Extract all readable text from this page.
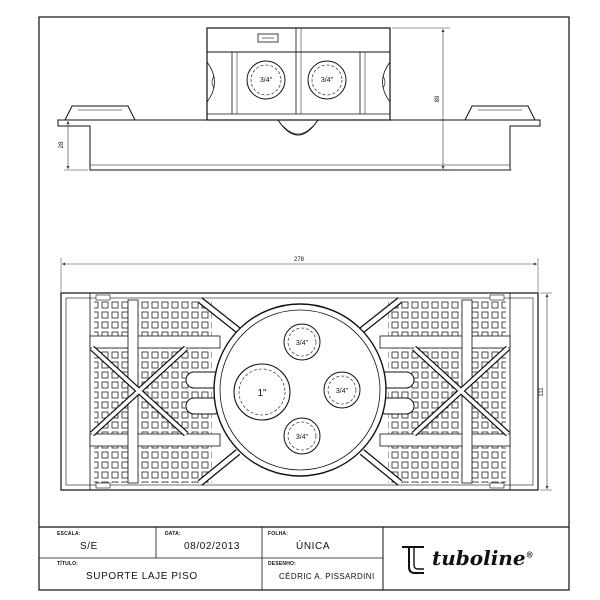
3/4"	3/4"
89
28
278
111
3/4"
3/4"
3/4"
1"
ESCALA:
S/E
DATA:
08/02/2013
FOLHA:
ÚNICA
TÍTULO:
SUPORTE LAJE PISO
DESENHO:
CÉDRIC A. PISSARDINI
tuboline®
